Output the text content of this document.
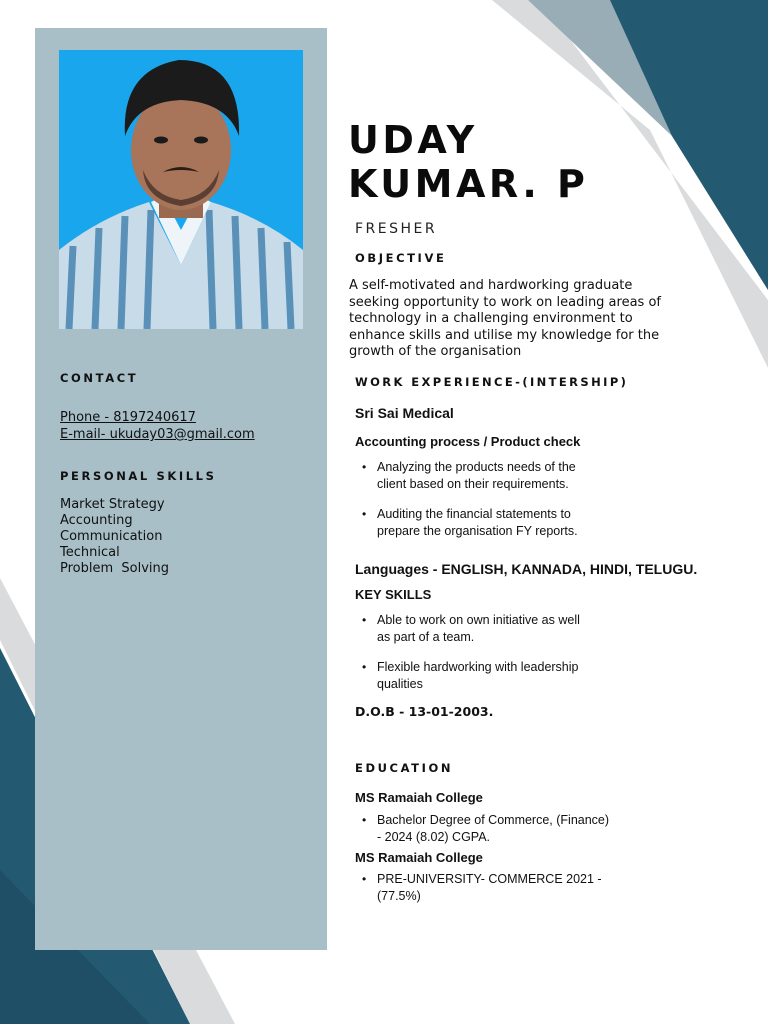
CONTACT
Phone - 8197240617
E-mail- ukuday03@gmail.com
PERSONAL SKILLS
Market Strategy
Accounting
Communication
Technical
Problem  Solving
UDAY
KUMAR. P
FRESHER
OBJECTIVE
A self-motivated and hardworking graduate
seeking opportunity to work on leading areas of
technology in a challenging environment to
enhance skills and utilise my knowledge for the
growth of the organisation
WORK EXPERIENCE-(INTERSHIP)
Sri Sai Medical
Accounting process / Product check
• Analyzing the products needs of the
client based on their requirements.
• Auditing the financial statements to
prepare the organisation FY reports.
Languages - ENGLISH, KANNADA, HINDI, TELUGU.
KEY SKILLS
• Able to work on own initiative as well
as part of a team.
• Flexible hardworking with leadership
qualities
D.O.B - 13-01-2003.
EDUCATION
MS Ramaiah College
• Bachelor Degree of Commerce, (Finance)
- 2024 (8.02) CGPA.
MS Ramaiah College
• PRE-UNIVERSITY- COMMERCE 2021 -
(77.5%)
